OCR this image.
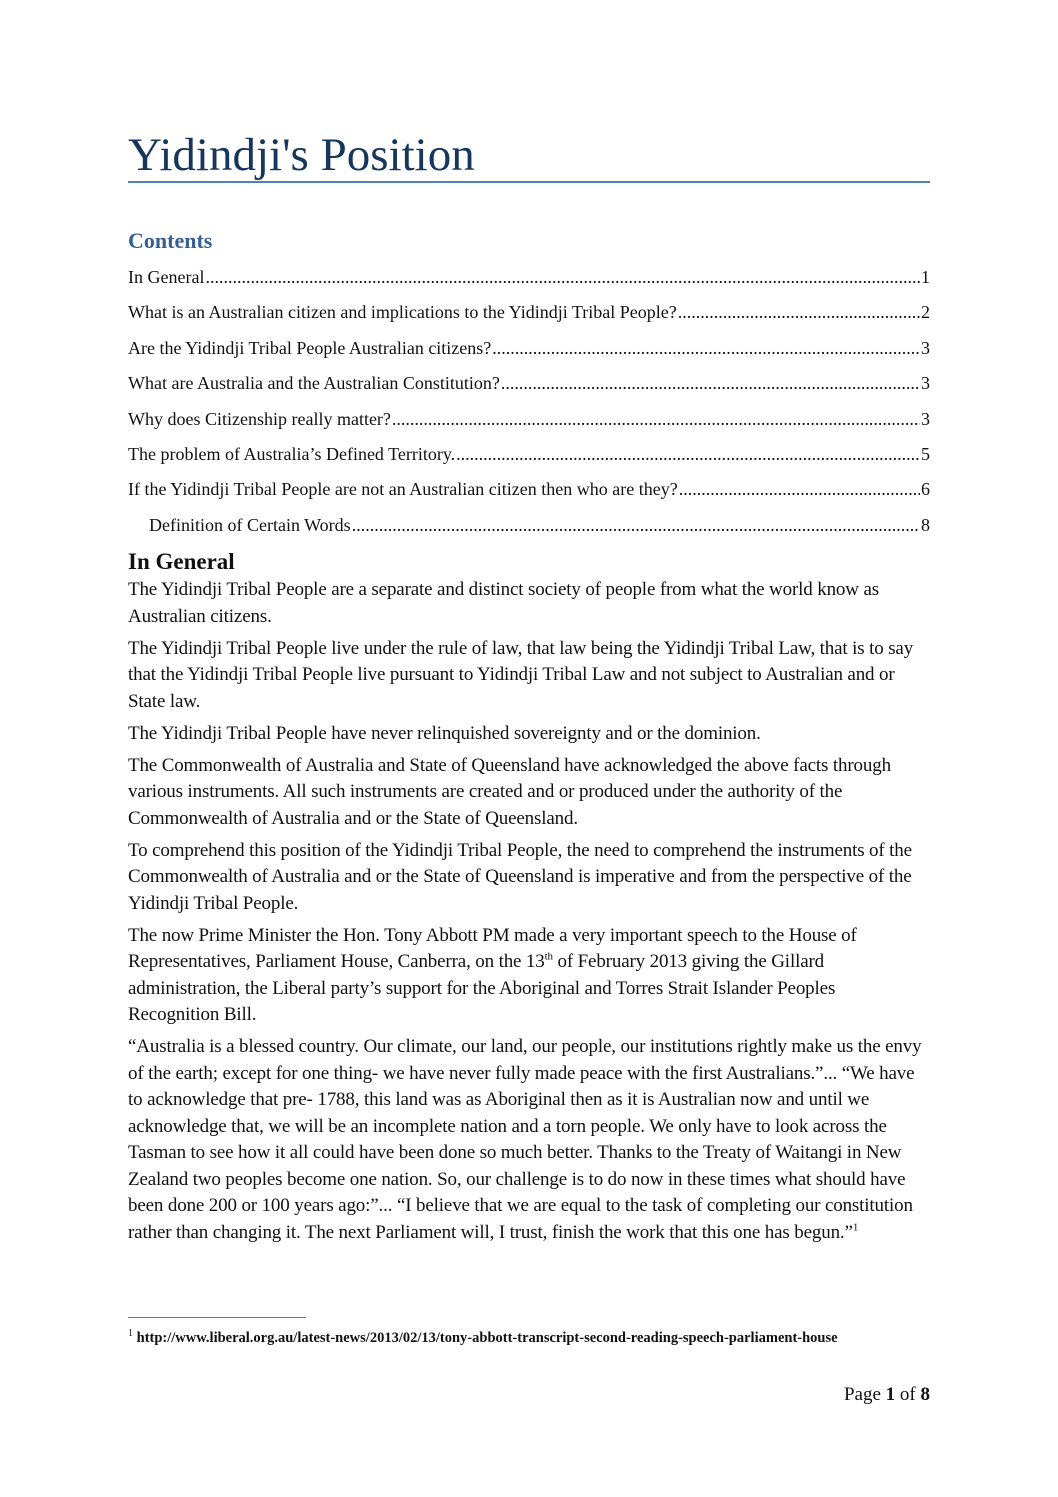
Yidindji's Position
Contents
In General .....	1
What is an Australian citizen and implications to the Yidindji Tribal People? .....	2
Are the Yidindji Tribal People Australian citizens? .....	3
What are Australia and the Australian Constitution? .....	3
Why does Citizenship really matter? .....	3
The problem of Australia’s Defined Territory. .....	5
If the Yidindji Tribal People are not an Australian citizen then who are they? .....	6
Definition of Certain Words .....	8
In General

The Yidindji Tribal People are a separate and distinct society of people from what the world know as Australian citizens.

The Yidindji Tribal People live under the rule of law, that law being the Yidindji Tribal Law, that is to say that the Yidindji Tribal People live pursuant to Yidindji Tribal Law and not subject to Australian and or State law.

The Yidindji Tribal People have never relinquished sovereignty and or the dominion.

The Commonwealth of Australia and State of Queensland have acknowledged the above facts through various instruments. All such instruments are created and or produced under the authority of the Commonwealth of Australia and or the State of Queensland.

To comprehend this position of the Yidindji Tribal People, the need to comprehend the instruments of the Commonwealth of Australia and or the State of Queensland is imperative and from the perspective of the Yidindji Tribal People.

The now Prime Minister the Hon. Tony Abbott PM made a very important speech to the House of Representatives, Parliament House, Canberra, on the 13th of February 2013 giving the Gillard administration, the Liberal party’s support for the Aboriginal and Torres Strait Islander Peoples Recognition Bill.

“Australia is a blessed country. Our climate, our land, our people, our institutions rightly make us the envy of the earth; except for one thing- we have never fully made peace with the first Australians.”... “We have to acknowledge that pre- 1788, this land was as Aboriginal then as it is Australian now and until we acknowledge that, we will be an incomplete nation and a torn people. We only have to look across the Tasman to see how it all could have been done so much better. Thanks to the Treaty of Waitangi in New Zealand two peoples become one nation. So, our challenge is to do now in these times what should have been done 200 or 100 years ago:”... “I believe that we are equal to the task of completing our constitution rather than changing it. The next Parliament will, I trust, finish the work that this one has begun.”$^1$

$^1$ http://www.liberal.org.au/latest-news/2013/02/13/tony-abbott-transcript-second-reading-speech-parliament-house
Page 1 of 8
